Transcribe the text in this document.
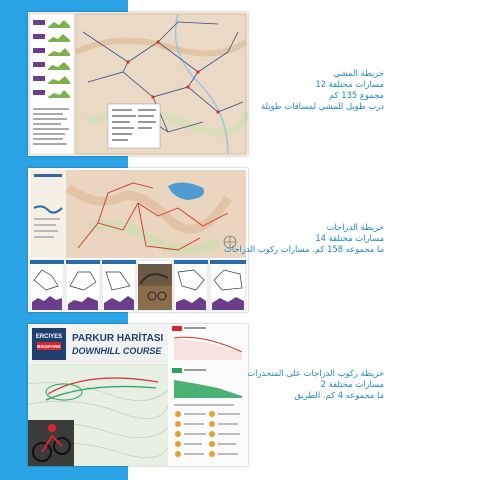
خريطة المشي
مسارات مختلفة 12
مجموع 135 كم
درب طويل للمشي لمسافات طويلة
خريطة الدراجات
مسارات مختلفة 14
ما مجموعه 158 كم. مسارات ركوب الدراجات
ERCIYES
BIKEPARK
PARKUR HARİTASI
DOWNHILL COURSE
خريطة ركوب الدراجات على المنحدرات
مسارات مختلفة 2
ما مجموعه 4 كم. الطريق
